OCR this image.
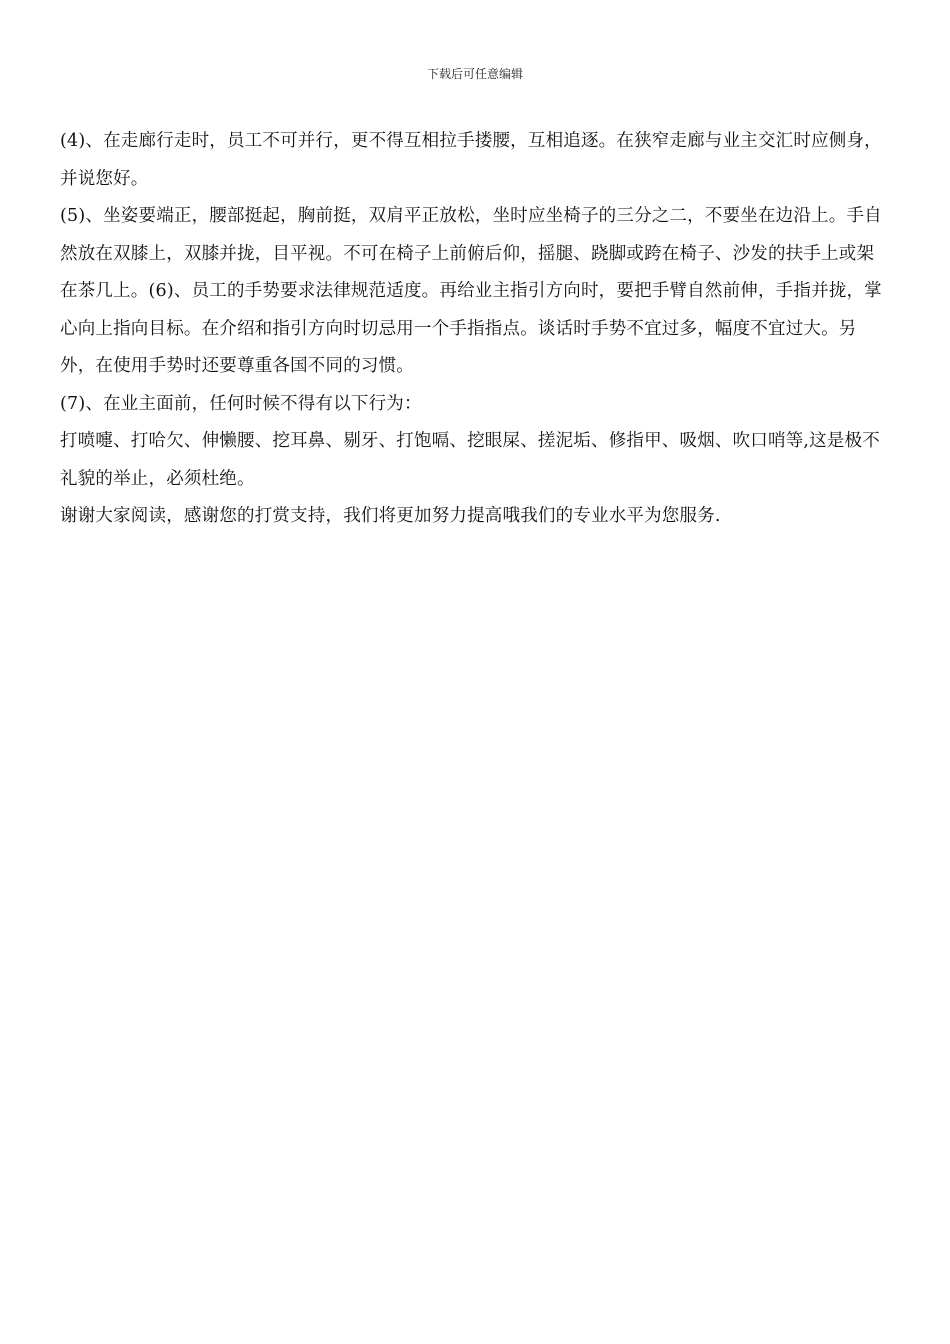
下载后可任意编辑

(4)、在走廊行走时，员工不可并行，更不得互相拉手搂腰，互相追逐。在狭窄走廊与业主交汇时应侧身，并说您好。

(5)、坐姿要端正，腰部挺起，胸前挺，双肩平正放松，坐时应坐椅子的三分之二，不要坐在边沿上。手自然放在双膝上，双膝并拢，目平视。不可在椅子上前俯后仰，摇腿、跷脚或跨在椅子、沙发的扶手上或架在茶几上。(6)、员工的手势要求法律规范适度。再给业主指引方向时，要把手臂自然前伸，手指并拢，掌心向上指向目标。在介绍和指引方向时切忌用一个手指指点。谈话时手势不宜过多，幅度不宜过大。另外，在使用手势时还要尊重各国不同的习惯。

(7)、在业主面前，任何时候不得有以下行为：

打喷嚏、打哈欠、伸懒腰、挖耳鼻、剔牙、打饱嗝、挖眼屎、搓泥垢、修指甲、吸烟、吹口哨等,这是极不礼貌的举止，必须杜绝。

谢谢大家阅读，感谢您的打赏支持，我们将更加努力提高哦我们的专业水平为您服务.
